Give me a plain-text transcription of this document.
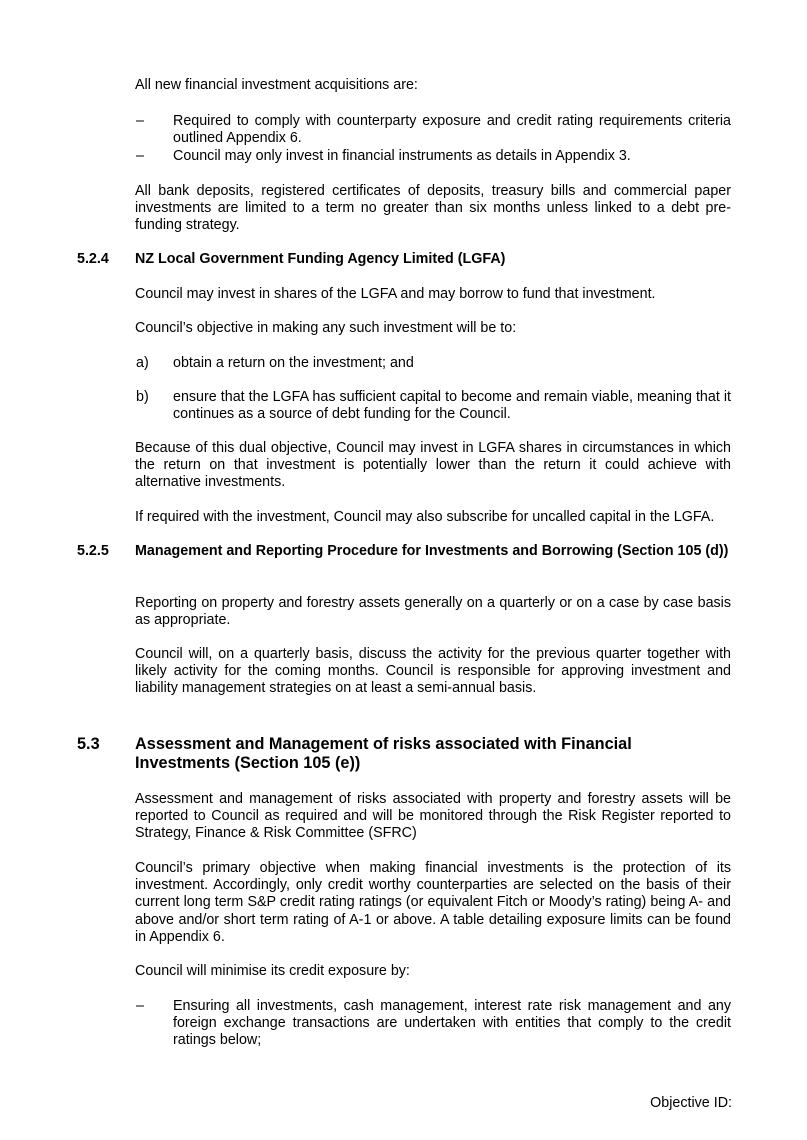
All new financial investment acquisitions are:

– Required to comply with counterparty exposure and credit rating requirements criteria outlined Appendix 6.

– Council may only invest in financial instruments as details in Appendix 3.

All bank deposits, registered certificates of deposits, treasury bills and commercial paper investments are limited to a term no greater than six months unless linked to a debt pre-funding strategy.

5.2.4 NZ Local Government Funding Agency Limited (LGFA)

Council may invest in shares of the LGFA and may borrow to fund that investment.

Council’s objective in making any such investment will be to:

a) obtain a return on the investment; and

b) ensure that the LGFA has sufficient capital to become and remain viable, meaning that it continues as a source of debt funding for the Council.

Because of this dual objective, Council may invest in LGFA shares in circumstances in which the return on that investment is potentially lower than the return it could achieve with alternative investments.

If required with the investment, Council may also subscribe for uncalled capital in the LGFA.

5.2.5 Management and Reporting Procedure for Investments and Borrowing (Section 105 (d))

Reporting on property and forestry assets generally on a quarterly or on a case by case basis as appropriate.

Council will, on a quarterly basis, discuss the activity for the previous quarter together with likely activity for the coming months. Council is responsible for approving investment and liability management strategies on at least a semi-annual basis.

5.3 Assessment and Management of risks associated with Financial Investments (Section 105 (e))

Assessment and management of risks associated with property and forestry assets will be reported to Council as required and will be monitored through the Risk Register reported to Strategy, Finance & Risk Committee (SFRC)

Council’s primary objective when making financial investments is the protection of its investment. Accordingly, only credit worthy counterparties are selected on the basis of their current long term S&P credit rating ratings (or equivalent Fitch or Moody’s rating) being A- and above and/or short term rating of A-1 or above. A table detailing exposure limits can be found in Appendix 6.

Council will minimise its credit exposure by:

– Ensuring all investments, cash management, interest rate risk management and any foreign exchange transactions are undertaken with entities that comply to the credit ratings below;

Objective ID:
